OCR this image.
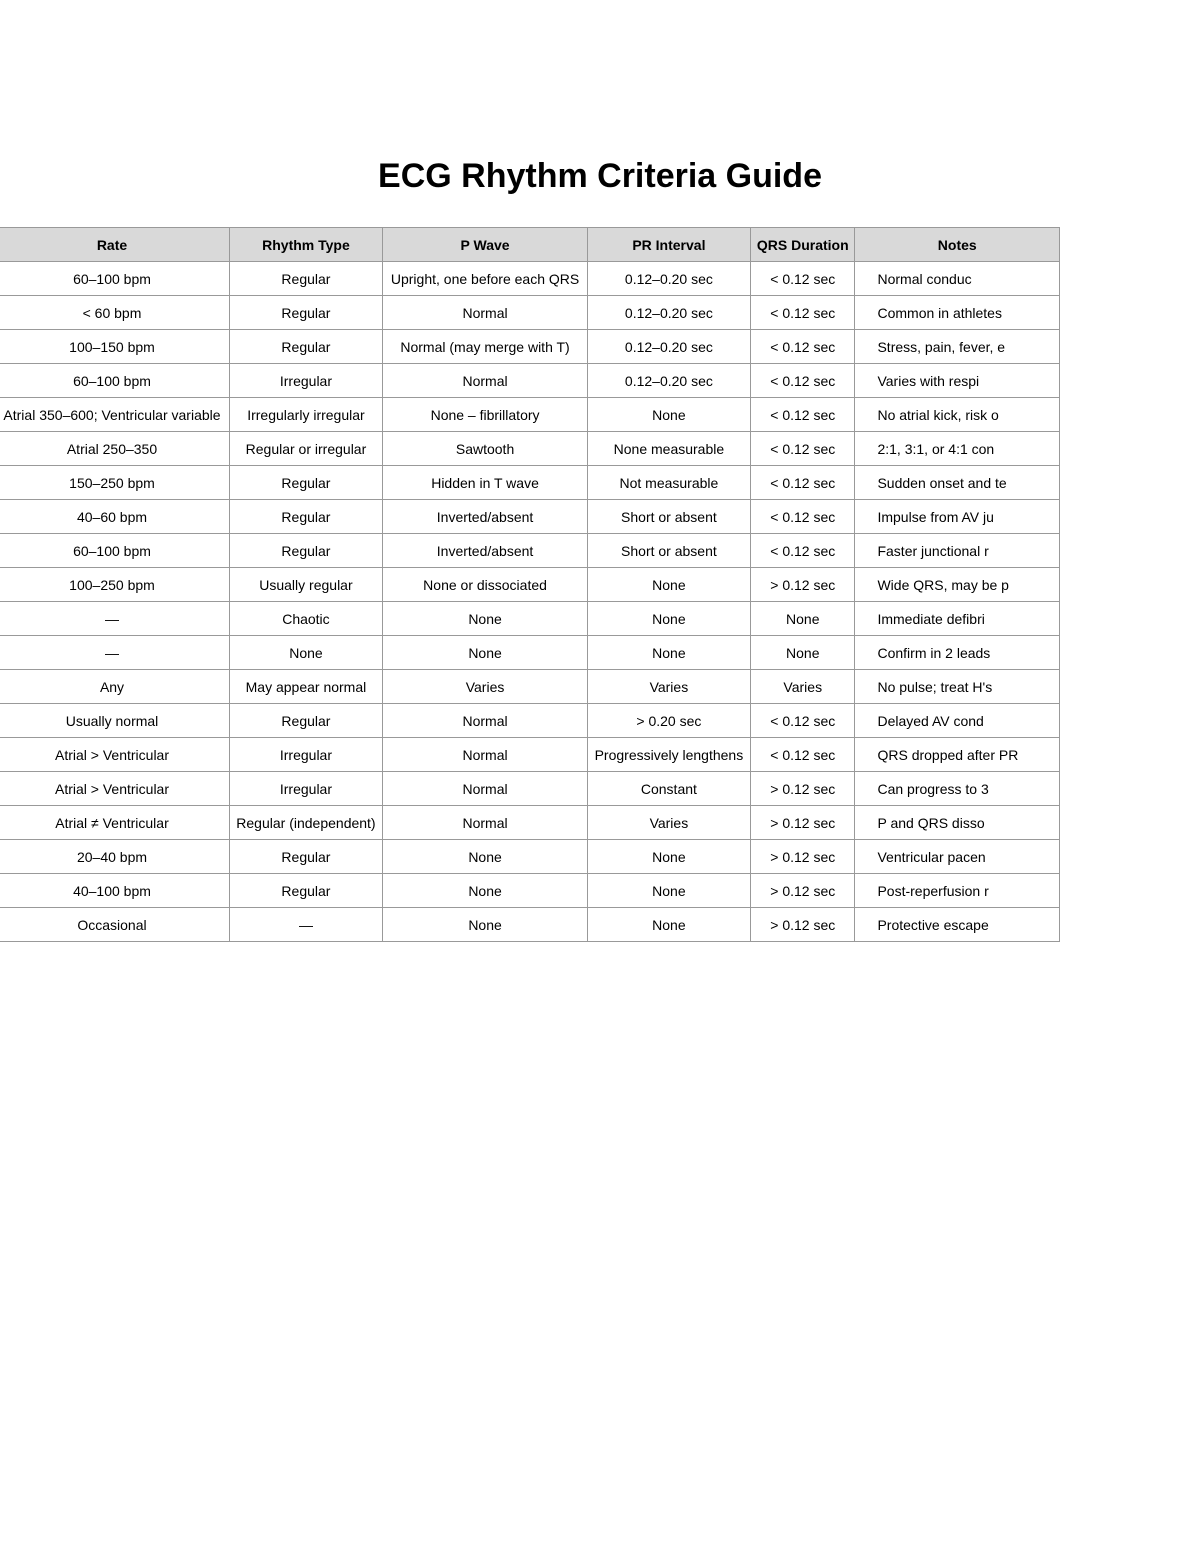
ECG Rhythm Criteria Guide
	Rate	Rhythm Type	P Wave	PR Interval	QRS Duration	Notes
	60–100 bpm	Regular	Upright, one before each QRS	0.12–0.20 sec	< 0.12 sec	Normal conduc
	< 60 bpm	Regular	Normal	0.12–0.20 sec	< 0.12 sec	Common in athletes
	100–150 bpm	Regular	Normal (may merge with T)	0.12–0.20 sec	< 0.12 sec	Stress, pain, fever, e
	60–100 bpm	Irregular	Normal	0.12–0.20 sec	< 0.12 sec	Varies with respi
	Atrial 350–600; Ventricular variable	Irregularly irregular	None – fibrillatory	None	< 0.12 sec	No atrial kick, risk o
	Atrial 250–350	Regular or irregular	Sawtooth	None measurable	< 0.12 sec	2:1, 3:1, or 4:1 con
	150–250 bpm	Regular	Hidden in T wave	Not measurable	< 0.12 sec	Sudden onset and te
	40–60 bpm	Regular	Inverted/absent	Short or absent	< 0.12 sec	Impulse from AV ju
	60–100 bpm	Regular	Inverted/absent	Short or absent	< 0.12 sec	Faster junctional r
	100–250 bpm	Usually regular	None or dissociated	None	> 0.12 sec	Wide QRS, may be p
	—	Chaotic	None	None	None	Immediate defibri
	—	None	None	None	None	Confirm in 2 leads
	Any	May appear normal	Varies	Varies	Varies	No pulse; treat H's
	Usually normal	Regular	Normal	> 0.20 sec	< 0.12 sec	Delayed AV cond
	Atrial > Ventricular	Irregular	Normal	Progressively lengthens	< 0.12 sec	QRS dropped after PR
	Atrial > Ventricular	Irregular	Normal	Constant	> 0.12 sec	Can progress to 3
	Atrial ≠ Ventricular	Regular (independent)	Normal	Varies	> 0.12 sec	P and QRS disso
	20–40 bpm	Regular	None	None	> 0.12 sec	Ventricular pacen
	40–100 bpm	Regular	None	None	> 0.12 sec	Post-reperfusion r
	Occasional	—	None	None	> 0.12 sec	Protective escape
